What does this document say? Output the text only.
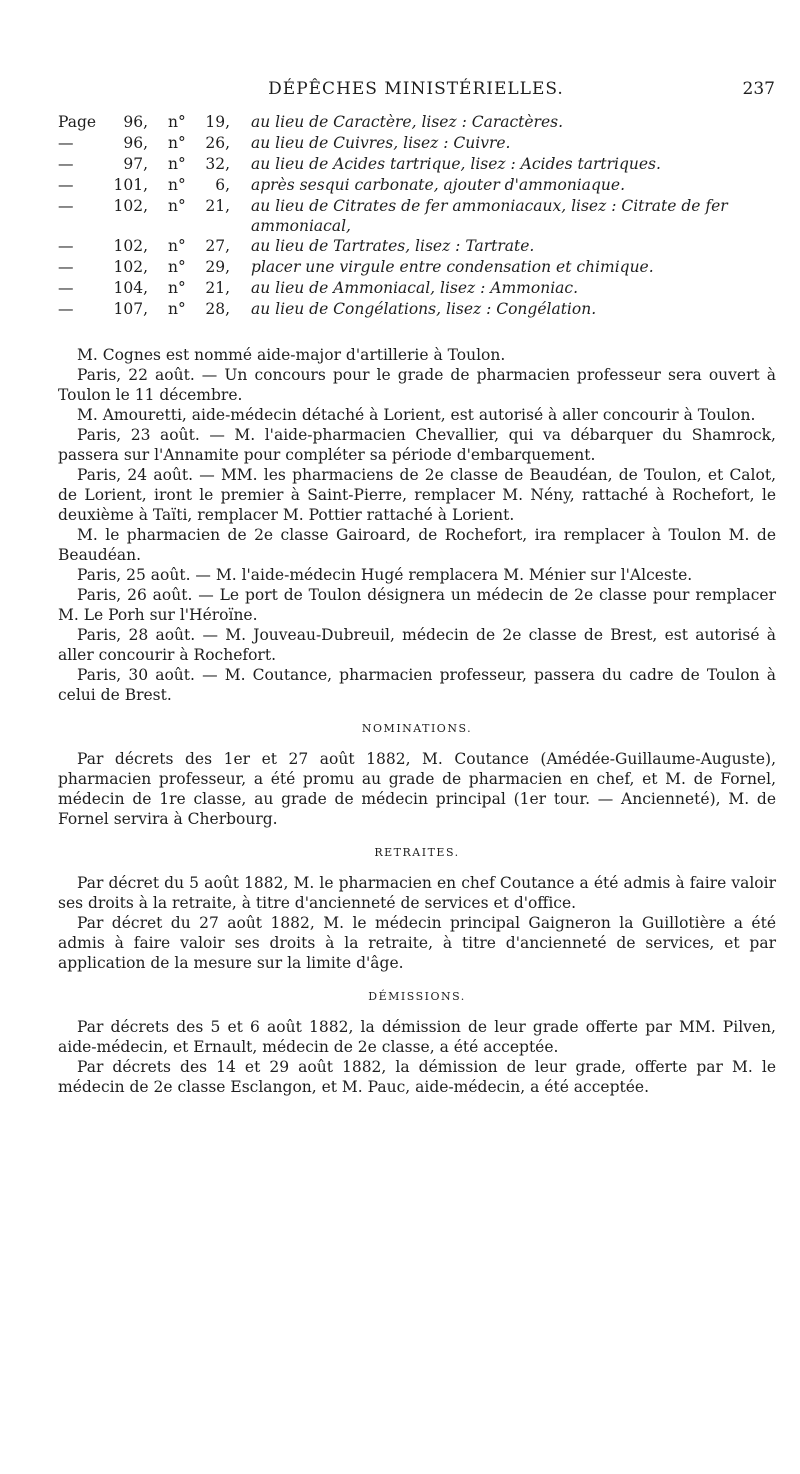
DÉPÊCHES MINISTÉRIELLES.	237
Page	96, n°	19, au lieu de Caractère, lisez : Caractères.
—	96, n°	26, au lieu de Cuivres, lisez : Cuivre.
—	97, n°	32, au lieu de Acides tartrique, lisez : Acides tartriques.
—	101, n°	6, après sesqui carbonate, ajouter d'ammoniaque.
—	102, n°	21, au lieu de Citrates de fer ammoniacaux, lisez : Citrate de fer ammoniacal,
—	102, n°	27, au lieu de Tartrates, lisez : Tartrate.
—	102, n°	29, placer une virgule entre condensation et chimique.
—	104, n°	21, au lieu de Ammoniacal, lisez : Ammoniac.
—	107, n°	28, au lieu de Congélations, lisez : Congélation.

M. Cognes est nommé aide-major d'artillerie à Toulon.

Paris, 22 août. — Un concours pour le grade de pharmacien professeur sera ouvert à Toulon le 11 décembre.

M. Amouretti, aide-médecin détaché à Lorient, est autorisé à aller concourir à Toulon.

Paris, 23 août. — M. l'aide-pharmacien Chevallier, qui va débarquer du Shamrock, passera sur l'Annamite pour compléter sa période d'embarquement.

Paris, 24 août. — MM. les pharmaciens de 2e classe de Beaudéan, de Toulon, et Calot, de Lorient, iront le premier à Saint-Pierre, remplacer M. Nény, rattaché à Rochefort, le deuxième à Taïti, remplacer M. Pottier rattaché à Lorient.

M. le pharmacien de 2e classe Gairoard, de Rochefort, ira remplacer à Toulon M. de Beaudéan.

Paris, 25 août. — M. l'aide-médecin Hugé remplacera M. Ménier sur l'Alceste.

Paris, 26 août. — Le port de Toulon désignera un médecin de 2e classe pour remplacer M. Le Porh sur l'Héroïne.

Paris, 28 août. — M. Jouveau-Dubreuil, médecin de 2e classe de Brest, est autorisé à aller concourir à Rochefort.

Paris, 30 août. — M. Coutance, pharmacien professeur, passera du cadre de Toulon à celui de Brest.

NOMINATIONS.

Par décrets des 1er et 27 août 1882, M. Coutance (Amédée-Guillaume-Auguste), pharmacien professeur, a été promu au grade de pharmacien en chef, et M. de Fornel, médecin de 1re classe, au grade de médecin principal (1er tour. — Ancienneté), M. de Fornel servira à Cherbourg.

RETRAITES.

Par décret du 5 août 1882, M. le pharmacien en chef Coutance a été admis à faire valoir ses droits à la retraite, à titre d'ancienneté de services et d'office.

Par décret du 27 août 1882, M. le médecin principal Gaigneron la Guillotière a été admis à faire valoir ses droits à la retraite, à titre d'ancienneté de services, et par application de la mesure sur la limite d'âge.

DÉMISSIONS.

Par décrets des 5 et 6 août 1882, la démission de leur grade offerte par MM. Pilven, aide-médecin, et Ernault, médecin de 2e classe, a été acceptée.

Par décrets des 14 et 29 août 1882, la démission de leur grade, offerte par M. le médecin de 2e classe Esclangon, et M. Pauc, aide-médecin, a été acceptée.
